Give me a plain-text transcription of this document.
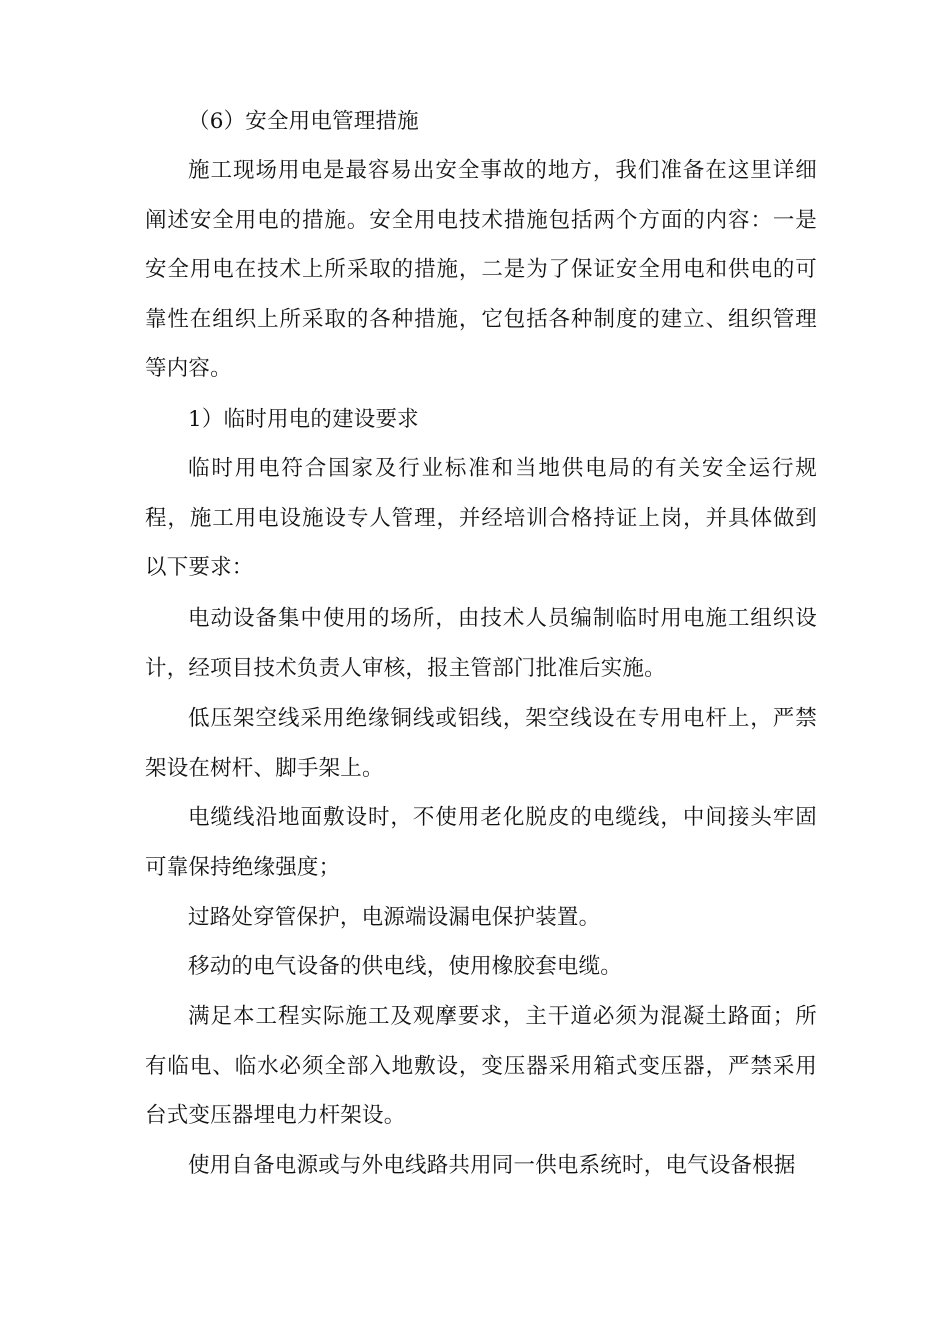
（6）安全用电管理措施

施工现场用电是最容易出安全事故的地方，我们准备在这里详细阐述安全用电的措施。安全用电技术措施包括两个方面的内容：一是安全用电在技术上所采取的措施，二是为了保证安全用电和供电的可靠性在组织上所采取的各种措施，它包括各种制度的建立、组织管理等内容。

1）临时用电的建设要求

临时用电符合国家及行业标准和当地供电局的有关安全运行规程，施工用电设施设专人管理，并经培训合格持证上岗，并具体做到以下要求：

电动设备集中使用的场所，由技术人员编制临时用电施工组织设计，经项目技术负责人审核，报主管部门批准后实施。

低压架空线采用绝缘铜线或铝线，架空线设在专用电杆上，严禁架设在树杆、脚手架上。

电缆线沿地面敷设时，不使用老化脱皮的电缆线，中间接头牢固可靠保持绝缘强度；

过路处穿管保护，电源端设漏电保护装置。

移动的电气设备的供电线，使用橡胶套电缆。

满足本工程实际施工及观摩要求，主干道必须为混凝土路面；所有临电、临水必须全部入地敷设，变压器采用箱式变压器，严禁采用台式变压器埋电力杆架设。

使用自备电源或与外电线路共用同一供电系统时，电气设备根据
